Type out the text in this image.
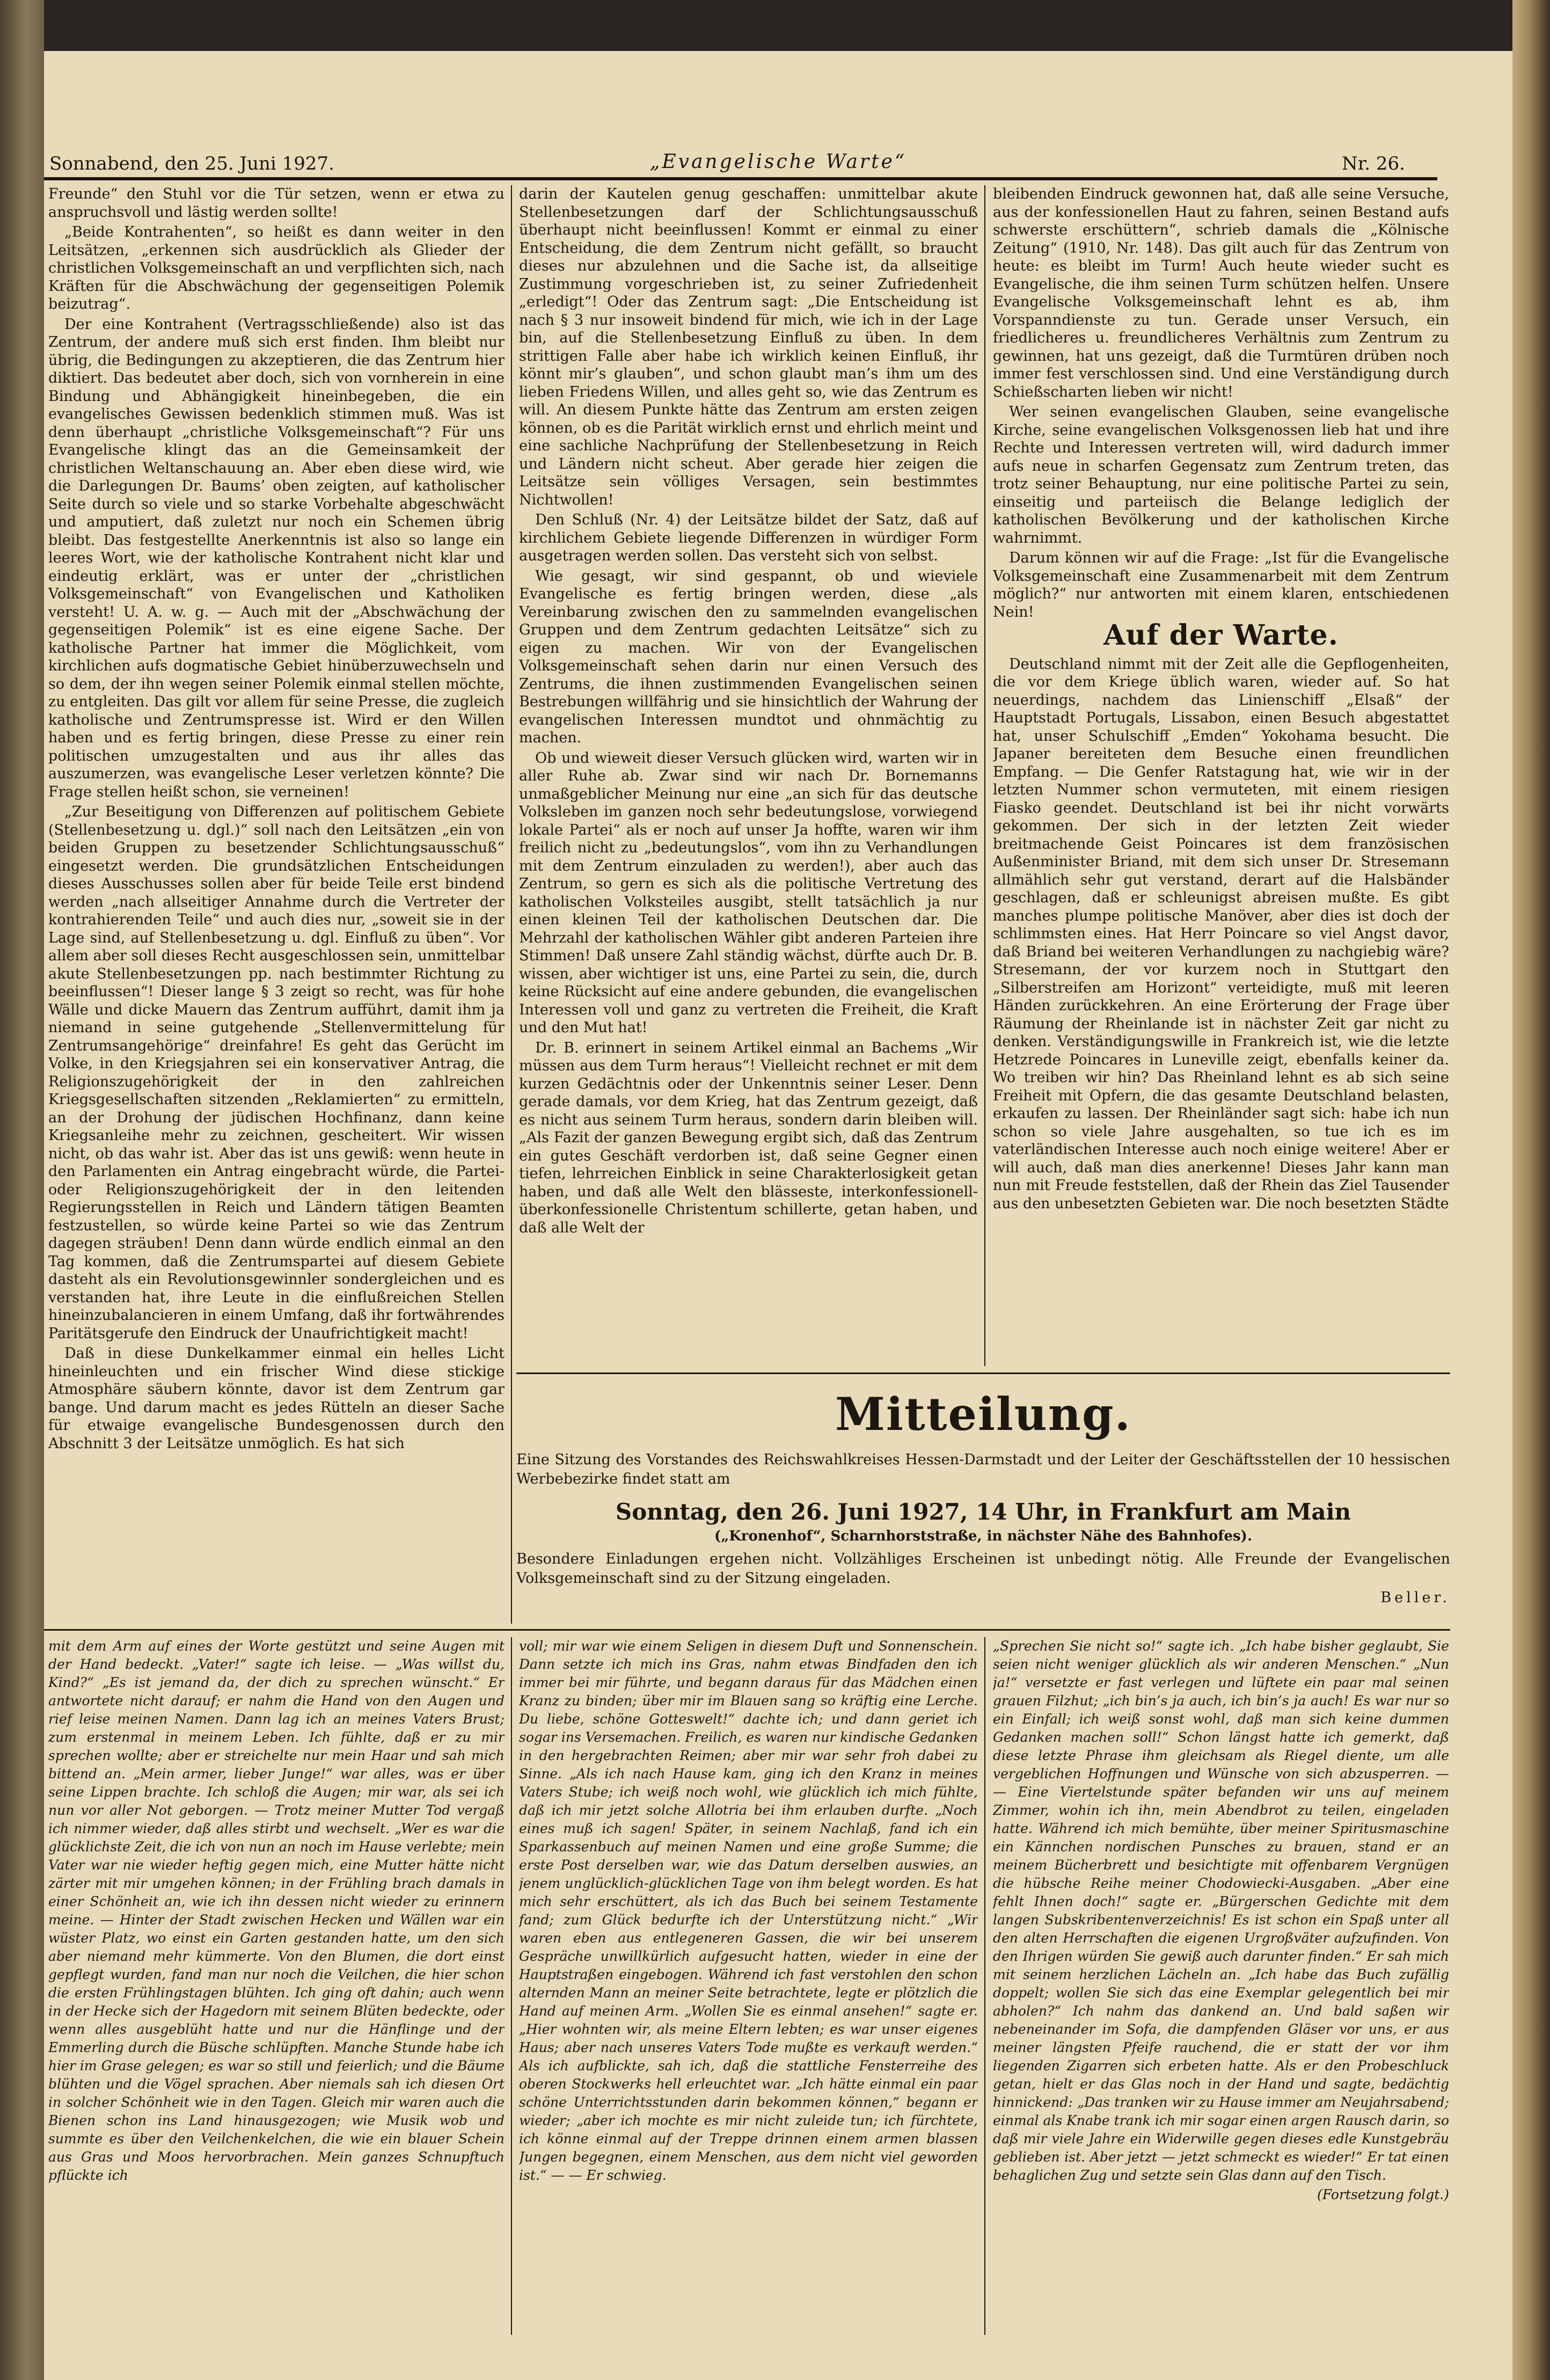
Sonnabend, den 25. Juni 1927.	„Evangelische Warte“	Nr. 26.

Freunde“ den Stuhl vor die Tür setzen, wenn er etwa zu anspruchsvoll und lästig werden sollte!

„Beide Kontrahenten“, so heißt es dann weiter in den Leitsätzen, „erkennen sich ausdrücklich als Glieder der christlichen Volksgemeinschaft an und verpflichten sich, nach Kräften für die Abschwächung der gegenseitigen Polemik beizutrag“.

Der eine Kontrahent (Vertragsschließende) also ist das Zentrum, der andere muß sich erst finden. Ihm bleibt nur übrig, die Bedingungen zu akzeptieren, die das Zentrum hier diktiert. Das bedeutet aber doch, sich von vornherein in eine Bindung und Abhängigkeit hineinbegeben, die ein evangelisches Gewissen bedenklich stimmen muß. Was ist denn überhaupt „christliche Volksgemeinschaft“? Für uns Evangelische klingt das an die Gemeinsamkeit der christlichen Weltanschauung an. Aber eben diese wird, wie die Darlegungen Dr. Baums’ oben zeigten, auf katholischer Seite durch so viele und so starke Vorbehalte abgeschwächt und amputiert, daß zuletzt nur noch ein Schemen übrig bleibt. Das festgestellte Anerkenntnis ist also so lange ein leeres Wort, wie der katholische Kontrahent nicht klar und eindeutig erklärt, was er unter der „christlichen Volksgemeinschaft“ von Evangelischen und Katholiken versteht! U. A. w. g. — Auch mit der „Abschwächung der gegenseitigen Polemik“ ist es eine eigene Sache. Der katholische Partner hat immer die Möglichkeit, vom kirchlichen aufs dogmatische Gebiet hinüberzuwechseln und so dem, der ihn wegen seiner Polemik einmal stellen möchte, zu entgleiten. Das gilt vor allem für seine Presse, die zugleich katholische und Zentrumspresse ist. Wird er den Willen haben und es fertig bringen, diese Presse zu einer rein politischen umzugestalten und aus ihr alles das auszumerzen, was evangelische Leser verletzen könnte? Die Frage stellen heißt schon, sie verneinen!

„Zur Beseitigung von Differenzen auf politischem Gebiete (Stellenbesetzung u. dgl.)“ soll nach den Leitsätzen „ein von beiden Gruppen zu besetzender Schlichtungsausschuß“ eingesetzt werden. Die grundsätzlichen Entscheidungen dieses Ausschusses sollen aber für beide Teile erst bindend werden „nach allseitiger Annahme durch die Vertreter der kontrahierenden Teile“ und auch dies nur, „soweit sie in der Lage sind, auf Stellenbesetzung u. dgl. Einfluß zu üben“. Vor allem aber soll dieses Recht ausgeschlossen sein, unmittelbar akute Stellenbesetzungen pp. nach bestimmter Richtung zu beeinflussen“! Dieser lange § 3 zeigt so recht, was für hohe Wälle und dicke Mauern das Zentrum aufführt, damit ihm ja niemand in seine gutgehende „Stellenvermittelung für Zentrumsangehörige“ dreinfahre! Es geht das Gerücht im Volke, in den Kriegsjahren sei ein konservativer Antrag, die Religionszugehörigkeit der in den zahlreichen Kriegsgesellschaften sitzenden „Reklamierten“ zu ermitteln, an der Drohung der jüdischen Hochfinanz, dann keine Kriegsanleihe mehr zu zeichnen, gescheitert. Wir wissen nicht, ob das wahr ist. Aber das ist uns gewiß: wenn heute in den Parlamenten ein Antrag eingebracht würde, die Partei- oder Religionszugehörigkeit der in den leitenden Regierungsstellen in Reich und Ländern tätigen Beamten festzustellen, so würde keine Partei so wie das Zentrum dagegen sträuben! Denn dann würde endlich einmal an den Tag kommen, daß die Zentrumspartei auf diesem Gebiete dasteht als ein Revolutionsgewinnler sondergleichen und es verstanden hat, ihre Leute in die einflußreichen Stellen hineinzubalancieren in einem Umfang, daß ihr fortwährendes Paritätsgerufe den Eindruck der Unaufrichtigkeit macht!

Daß in diese Dunkelkammer einmal ein helles Licht hineinleuchten und ein frischer Wind diese stickige Atmosphäre säubern könnte, davor ist dem Zentrum gar bange. Und darum macht es jedes Rütteln an dieser Sache für etwaige evangelische Bundesgenossen durch den Abschnitt 3 der Leitsätze unmöglich. Es hat sich

darin der Kautelen genug geschaffen: unmittelbar akute Stellenbesetzungen darf der Schlichtungsausschuß überhaupt nicht beeinflussen! Kommt er einmal zu einer Entscheidung, die dem Zentrum nicht gefällt, so braucht dieses nur abzulehnen und die Sache ist, da allseitige Zustimmung vorgeschrieben ist, zu seiner Zufriedenheit „erledigt“! Oder das Zentrum sagt: „Die Entscheidung ist nach § 3 nur insoweit bindend für mich, wie ich in der Lage bin, auf die Stellenbesetzung Einfluß zu üben. In dem strittigen Falle aber habe ich wirklich keinen Einfluß, ihr könnt mir’s glauben“, und schon glaubt man’s ihm um des lieben Friedens Willen, und alles geht so, wie das Zentrum es will. An diesem Punkte hätte das Zentrum am ersten zeigen können, ob es die Parität wirklich ernst und ehrlich meint und eine sachliche Nachprüfung der Stellenbesetzung in Reich und Ländern nicht scheut. Aber gerade hier zeigen die Leitsätze sein völliges Versagen, sein bestimmtes Nichtwollen!

Den Schluß (Nr. 4) der Leitsätze bildet der Satz, daß auf kirchlichem Gebiete liegende Differenzen in würdiger Form ausgetragen werden sollen. Das versteht sich von selbst.

Wie gesagt, wir sind gespannt, ob und wieviele Evangelische es fertig bringen werden, diese „als Vereinbarung zwischen den zu sammelnden evangelischen Gruppen und dem Zentrum gedachten Leitsätze“ sich zu eigen zu machen. Wir von der Evangelischen Volksgemeinschaft sehen darin nur einen Versuch des Zentrums, die ihnen zustimmenden Evangelischen seinen Bestrebungen willfährig und sie hinsichtlich der Wahrung der evangelischen Interessen mundtot und ohnmächtig zu machen.

Ob und wieweit dieser Versuch glücken wird, warten wir in aller Ruhe ab. Zwar sind wir nach Dr. Bornemanns unmaßgeblicher Meinung nur eine „an sich für das deutsche Volksleben im ganzen noch sehr bedeutungslose, vorwiegend lokale Partei“ als er noch auf unser Ja hoffte, waren wir ihm freilich nicht zu „bedeutungslos“, vom ihn zu Verhandlungen mit dem Zentrum einzuladen zu werden!), aber auch das Zentrum, so gern es sich als die politische Vertretung des katholischen Volksteiles ausgibt, stellt tatsächlich ja nur einen kleinen Teil der katholischen Deutschen dar. Die Mehrzahl der katholischen Wähler gibt anderen Parteien ihre Stimmen! Daß unsere Zahl ständig wächst, dürfte auch Dr. B. wissen, aber wichtiger ist uns, eine Partei zu sein, die, durch keine Rücksicht auf eine andere gebunden, die evangelischen Interessen voll und ganz zu vertreten die Freiheit, die Kraft und den Mut hat!

Dr. B. erinnert in seinem Artikel einmal an Bachems „Wir müssen aus dem Turm heraus“! Vielleicht rechnet er mit dem kurzen Gedächtnis oder der Unkenntnis seiner Leser. Denn gerade damals, vor dem Krieg, hat das Zentrum gezeigt, daß es nicht aus seinem Turm heraus, sondern darin bleiben will. „Als Fazit der ganzen Bewegung ergibt sich, daß das Zentrum ein gutes Geschäft verdorben ist, daß seine Gegner einen tiefen, lehrreichen Einblick in seine Charakterlosigkeit getan haben, und daß alle Welt den blässeste, interkonfessionell-überkonfessionelle Christentum schillerte, getan haben, und daß alle Welt der

bleibenden Eindruck gewonnen hat, daß alle seine Versuche, aus der konfessionellen Haut zu fahren, seinen Bestand aufs schwerste erschüttern“, schrieb damals die „Kölnische Zeitung“ (1910, Nr. 148). Das gilt auch für das Zentrum von heute: es bleibt im Turm! Auch heute wieder sucht es Evangelische, die ihm seinen Turm schützen helfen. Unsere Evangelische Volksgemeinschaft lehnt es ab, ihm Vorspanndienste zu tun. Gerade unser Versuch, ein friedlicheres u. freundlicheres Verhältnis zum Zentrum zu gewinnen, hat uns gezeigt, daß die Turmtüren drüben noch immer fest verschlossen sind. Und eine Verständigung durch Schießscharten lieben wir nicht!

Wer seinen evangelischen Glauben, seine evangelische Kirche, seine evangelischen Volksgenossen lieb hat und ihre Rechte und Interessen vertreten will, wird dadurch immer aufs neue in scharfen Gegensatz zum Zentrum treten, das trotz seiner Behauptung, nur eine politische Partei zu sein, einseitig und parteiisch die Belange lediglich der katholischen Bevölkerung und der katholischen Kirche wahrnimmt.

Darum können wir auf die Frage: „Ist für die Evangelische Volksgemeinschaft eine Zusammenarbeit mit dem Zentrum möglich?“ nur antworten mit einem klaren, entschiedenen Nein!

Auf der Warte.

Deutschland nimmt mit der Zeit alle die Gepflogenheiten, die vor dem Kriege üblich waren, wieder auf. So hat neuerdings, nachdem das Linienschiff „Elsaß“ der Hauptstadt Portugals, Lissabon, einen Besuch abgestattet hat, unser Schulschiff „Emden“ Yokohama besucht. Die Japaner bereiteten dem Besuche einen freundlichen Empfang. — Die Genfer Ratstagung hat, wie wir in der letzten Nummer schon vermuteten, mit einem riesigen Fiasko geendet. Deutschland ist bei ihr nicht vorwärts gekommen. Der sich in der letzten Zeit wieder breitmachende Geist Poincares ist dem französischen Außenminister Briand, mit dem sich unser Dr. Stresemann allmählich sehr gut verstand, derart auf die Halsbänder geschlagen, daß er schleunigst abreisen mußte. Es gibt manches plumpe politische Manöver, aber dies ist doch der schlimmsten eines. Hat Herr Poincare so viel Angst davor, daß Briand bei weiteren Verhandlungen zu nachgiebig wäre? Stresemann, der vor kurzem noch in Stuttgart den „Silberstreifen am Horizont“ verteidigte, muß mit leeren Händen zurückkehren. An eine Erörterung der Frage über Räumung der Rheinlande ist in nächster Zeit gar nicht zu denken. Verständigungswille in Frankreich ist, wie die letzte Hetzrede Poincares in Luneville zeigt, ebenfalls keiner da. Wo treiben wir hin? Das Rheinland lehnt es ab sich seine Freiheit mit Opfern, die das gesamte Deutschland belasten, erkaufen zu lassen. Der Rheinländer sagt sich: habe ich nun schon so viele Jahre ausgehalten, so tue ich es im vaterländischen Interesse auch noch einige weitere! Aber er will auch, daß man dies anerkenne! Dieses Jahr kann man nun mit Freude feststellen, daß der Rhein das Ziel Tausender aus den unbesetzten Gebieten war. Die noch besetzten Städte

Mitteilung.
Eine Sitzung des Vorstandes des Reichswahlkreises Hessen-Darmstadt und der Leiter der Geschäftsstellen der 10 hessischen Werbebezirke findet statt am
Sonntag, den 26. Juni 1927, 14 Uhr, in Frankfurt am Main
(„Kronenhof“, Scharnhorststraße, in nächster Nähe des Bahnhofes).
Besondere Einladungen ergehen nicht. Vollzähliges Erscheinen ist unbedingt nötig. Alle Freunde der Evangelischen Volksgemeinschaft sind zu der Sitzung eingeladen.
Beller.

mit dem Arm auf eines der Worte gestützt und seine Augen mit der Hand bedeckt. „Vater!“ sagte ich leise. — „Was willst du, Kind?“ „Es ist jemand da, der dich zu sprechen wünscht.“ Er antwortete nicht darauf; er nahm die Hand von den Augen und rief leise meinen Namen. Dann lag ich an meines Vaters Brust; zum erstenmal in meinem Leben. Ich fühlte, daß er zu mir sprechen wollte; aber er streichelte nur mein Haar und sah mich bittend an. „Mein armer, lieber Junge!“ war alles, was er über seine Lippen brachte. Ich schloß die Augen; mir war, als sei ich nun vor aller Not geborgen. — Trotz meiner Mutter Tod vergaß ich nimmer wieder, daß alles stirbt und wechselt. „Wer es war die glücklichste Zeit, die ich von nun an noch im Hause verlebte; mein Vater war nie wieder heftig gegen mich, eine Mutter hätte nicht zärter mit mir umgehen können; in der Frühling brach damals in einer Schönheit an, wie ich ihn dessen nicht wieder zu erinnern meine. — Hinter der Stadt zwischen Hecken und Wällen war ein wüster Platz, wo einst ein Garten gestanden hatte, um den sich aber niemand mehr kümmerte. Von den Blumen, die dort einst gepflegt wurden, fand man nur noch die Veilchen, die hier schon die ersten Frühlingstagen blühten. Ich ging oft dahin; auch wenn in der Hecke sich der Hagedorn mit seinem Blüten bedeckte, oder wenn alles ausgeblüht hatte und nur die Hänflinge und der Emmerling durch die Büsche schlüpften. Manche Stunde habe ich hier im Grase gelegen; es war so still und feierlich; und die Bäume blühten und die Vögel sprachen. Aber niemals sah ich diesen Ort in solcher Schönheit wie in den Tagen. Gleich mir waren auch die Bienen schon ins Land hinausgezogen; wie Musik wob und summte es über den Veilchenkelchen, die wie ein blauer Schein aus Gras und Moos hervorbrachen. Mein ganzes Schnupftuch pflückte ich

voll; mir war wie einem Seligen in diesem Duft und Sonnenschein. Dann setzte ich mich ins Gras, nahm etwas Bindfaden den ich immer bei mir führte, und begann daraus für das Mädchen einen Kranz zu binden; über mir im Blauen sang so kräftig eine Lerche. Du liebe, schöne Gotteswelt!“ dachte ich; und dann geriet ich sogar ins Versemachen. Freilich, es waren nur kindische Gedanken in den hergebrachten Reimen; aber mir war sehr froh dabei zu Sinne. „Als ich nach Hause kam, ging ich den Kranz in meines Vaters Stube; ich weiß noch wohl, wie glücklich ich mich fühlte, daß ich mir jetzt solche Allotria bei ihm erlauben durfte. „Noch eines muß ich sagen! Später, in seinem Nachlaß, fand ich ein Sparkassenbuch auf meinen Namen und eine große Summe; die erste Post derselben war, wie das Datum derselben auswies, an jenem unglücklich-glücklichen Tage von ihm belegt worden. Es hat mich sehr erschüttert, als ich das Buch bei seinem Testamente fand; zum Glück bedurfte ich der Unterstützung nicht.“ „Wir waren eben aus entlegeneren Gassen, die wir bei unserem Gespräche unwillkürlich aufgesucht hatten, wieder in eine der Hauptstraßen eingebogen. Während ich fast verstohlen den schon alternden Mann an meiner Seite betrachtete, legte er plötzlich die Hand auf meinen Arm. „Wollen Sie es einmal ansehen!“ sagte er. „Hier wohnten wir, als meine Eltern lebten; es war unser eigenes Haus; aber nach unseres Vaters Tode mußte es verkauft werden.“ Als ich aufblickte, sah ich, daß die stattliche Fensterreihe des oberen Stockwerks hell erleuchtet war. „Ich hätte einmal ein paar schöne Unterrichtsstunden darin bekommen können,“ begann er wieder; „aber ich mochte es mir nicht zuleide tun; ich fürchtete, ich könne einmal auf der Treppe drinnen einem armen blassen Jungen begegnen, einem Menschen, aus dem nicht viel geworden ist.“ — — Er schwieg.

„Sprechen Sie nicht so!“ sagte ich. „Ich habe bisher geglaubt, Sie seien nicht weniger glücklich als wir anderen Menschen.“ „Nun ja!“ versetzte er fast verlegen und lüftete ein paar mal seinen grauen Filzhut; „ich bin’s ja auch, ich bin’s ja auch! Es war nur so ein Einfall; ich weiß sonst wohl, daß man sich keine dummen Gedanken machen soll!“ Schon längst hatte ich gemerkt, daß diese letzte Phrase ihm gleichsam als Riegel diente, um alle vergeblichen Hoffnungen und Wünsche von sich abzusperren. — — Eine Viertelstunde später befanden wir uns auf meinem Zimmer, wohin ich ihn, mein Abendbrot zu teilen, eingeladen hatte. Während ich mich bemühte, über meiner Spiritusmaschine ein Kännchen nordischen Punsches zu brauen, stand er an meinem Bücherbrett und besichtigte mit offenbarem Vergnügen die hübsche Reihe meiner Chodowiecki-Ausgaben. „Aber eine fehlt Ihnen doch!“ sagte er. „Bürgerschen Gedichte mit dem langen Subskribentenverzeichnis! Es ist schon ein Spaß unter all den alten Herrschaften die eigenen Urgroßväter aufzufinden. Von den Ihrigen würden Sie gewiß auch darunter finden.“ Er sah mich mit seinem herzlichen Lächeln an. „Ich habe das Buch zufällig doppelt; wollen Sie sich das eine Exemplar gelegentlich bei mir abholen?“ Ich nahm das dankend an. Und bald saßen wir nebeneinander im Sofa, die dampfenden Gläser vor uns, er aus meiner längsten Pfeife rauchend, die er statt der vor ihm liegenden Zigarren sich erbeten hatte. Als er den Probeschluck getan, hielt er das Glas noch in der Hand und sagte, bedächtig hinnickend: „Das tranken wir zu Hause immer am Neujahrsabend; einmal als Knabe trank ich mir sogar einen argen Rausch darin, so daß mir viele Jahre ein Widerwille gegen dieses edle Kunstgebräu geblieben ist. Aber jetzt — jetzt schmeckt es wieder!“ Er tat einen behaglichen Zug und setzte sein Glas dann auf den Tisch.

(Fortsetzung folgt.)
